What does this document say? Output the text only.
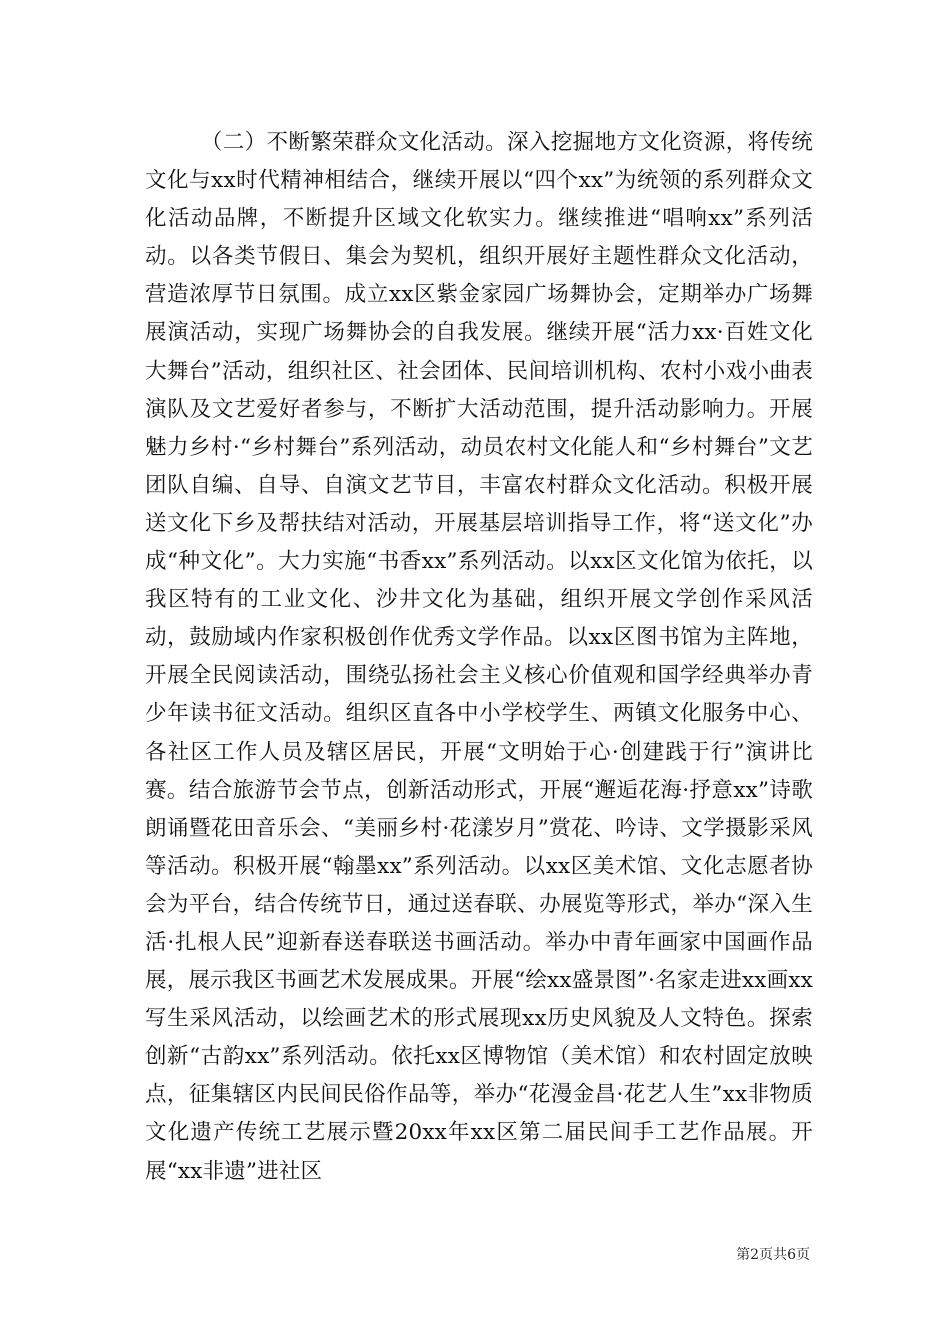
（二）不断繁荣群众文化活动。深入挖掘地方文化资源，将传统文化与xx时代精神相结合，继续开展以“四个xx”为统领的系列群众文化活动品牌，不断提升区域文化软实力。继续推进“唱响xx”系列活动。以各类节假日、集会为契机，组织开展好主题性群众文化活动，营造浓厚节日氛围。成立xx区紫金家园广场舞协会，定期举办广场舞展演活动，实现广场舞协会的自我发展。继续开展“活力xx·百姓文化大舞台”活动，组织社区、社会团体、民间培训机构、农村小戏小曲表演队及文艺爱好者参与，不断扩大活动范围，提升活动影响力。开展魅力乡村·“乡村舞台”系列活动，动员农村文化能人和“乡村舞台”文艺团队自编、自导、自演文艺节目，丰富农村群众文化活动。积极开展送文化下乡及帮扶结对活动，开展基层培训指导工作，将“送文化”办成“种文化”。大力实施“书香xx”系列活动。以xx区文化馆为依托，以我区特有的工业文化、沙井文化为基础，组织开展文学创作采风活动，鼓励域内作家积极创作优秀文学作品。以xx区图书馆为主阵地，开展全民阅读活动，围绕弘扬社会主义核心价值观和国学经典举办青少年读书征文活动。组织区直各中小学校学生、两镇文化服务中心、各社区工作人员及辖区居民，开展“文明始于心·创建践于行”演讲比赛。结合旅游节会节点，创新活动形式，开展“邂逅花海·抒意xx”诗歌朗诵暨花田音乐会、“美丽乡村·花漾岁月”赏花、吟诗、文学摄影采风等活动。积极开展“翰墨xx”系列活动。以xx区美术馆、文化志愿者协会为平台，结合传统节日，通过送春联、办展览等形式，举办“深入生活·扎根人民”迎新春送春联送书画活动。举办中青年画家中国画作品展，展示我区书画艺术发展成果。开展“绘xx盛景图”·名家走进xx画xx写生采风活动，以绘画艺术的形式展现xx历史风貌及人文特色。探索创新“古韵xx”系列活动。依托xx区博物馆（美术馆）和农村固定放映点，征集辖区内民间民俗作品等，举办“花漫金昌·花艺人生”xx非物质文化遗产传统工艺展示暨20xx年xx区第二届民间手工艺作品展。开展“xx非遗”进社区

第2页共6页
